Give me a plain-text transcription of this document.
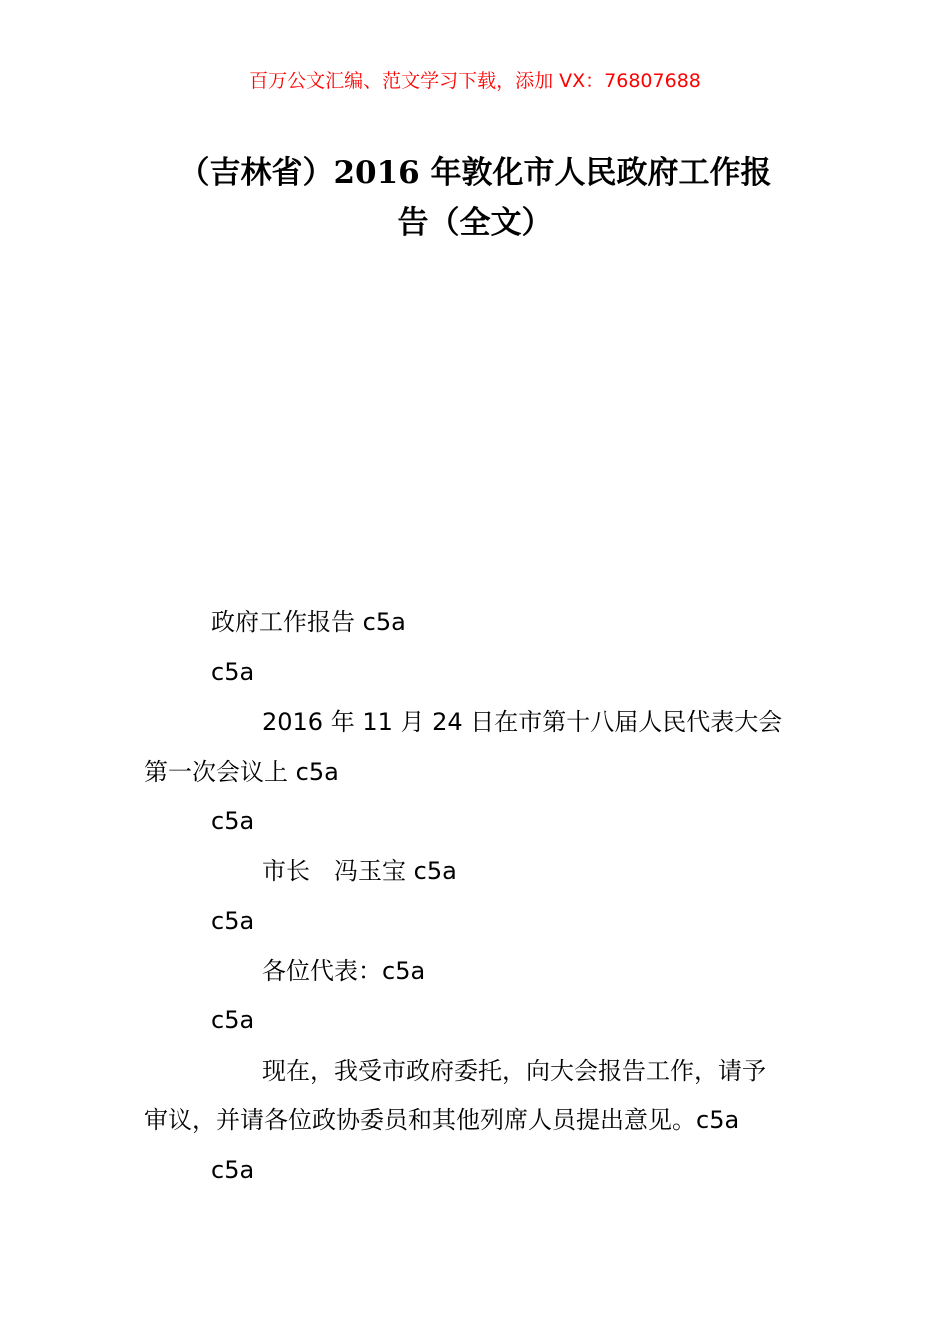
百万公文汇编、范文学习下载，添加 VX：76807688
（吉林省）2016 年敦化市人民政府工作报
告（全文）
政府工作报告 c5a
c5a
2016 年 11 月 24 日在市第十八届人民代表大会
第一次会议上 c5a
c5a
市长　冯玉宝 c5a
c5a
各位代表：c5a
c5a
现在，我受市政府委托，向大会报告工作，请予
审议，并请各位政协委员和其他列席人员提出意见。c5a
c5a
